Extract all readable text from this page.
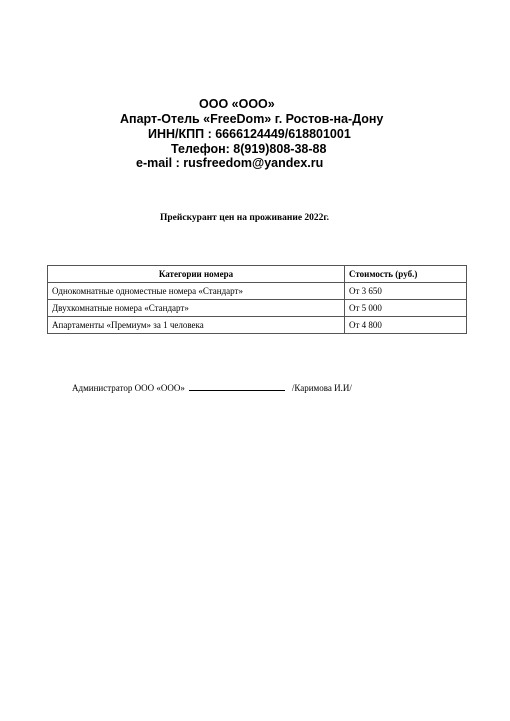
ООО «ООО»
Апарт-Отель «FreeDom» г. Ростов-на-Дону
ИНН/КПП : 6666124449/618801001
Телефон: 8(919)808-38-88
e-mail : rusfreedom@yandex.ru
Прейскурант цен на проживание 2022г.
Категории номера	Стоимость (руб.)
Однокомнатные одноместные номера «Стандарт»	От 3 650
Двухкомнатные номера «Стандарт»	От 5 000
Апартаменты «Премиум» за 1 человека	От 4 800
Администратор ООО «ООО»	/Каримова И.И/
